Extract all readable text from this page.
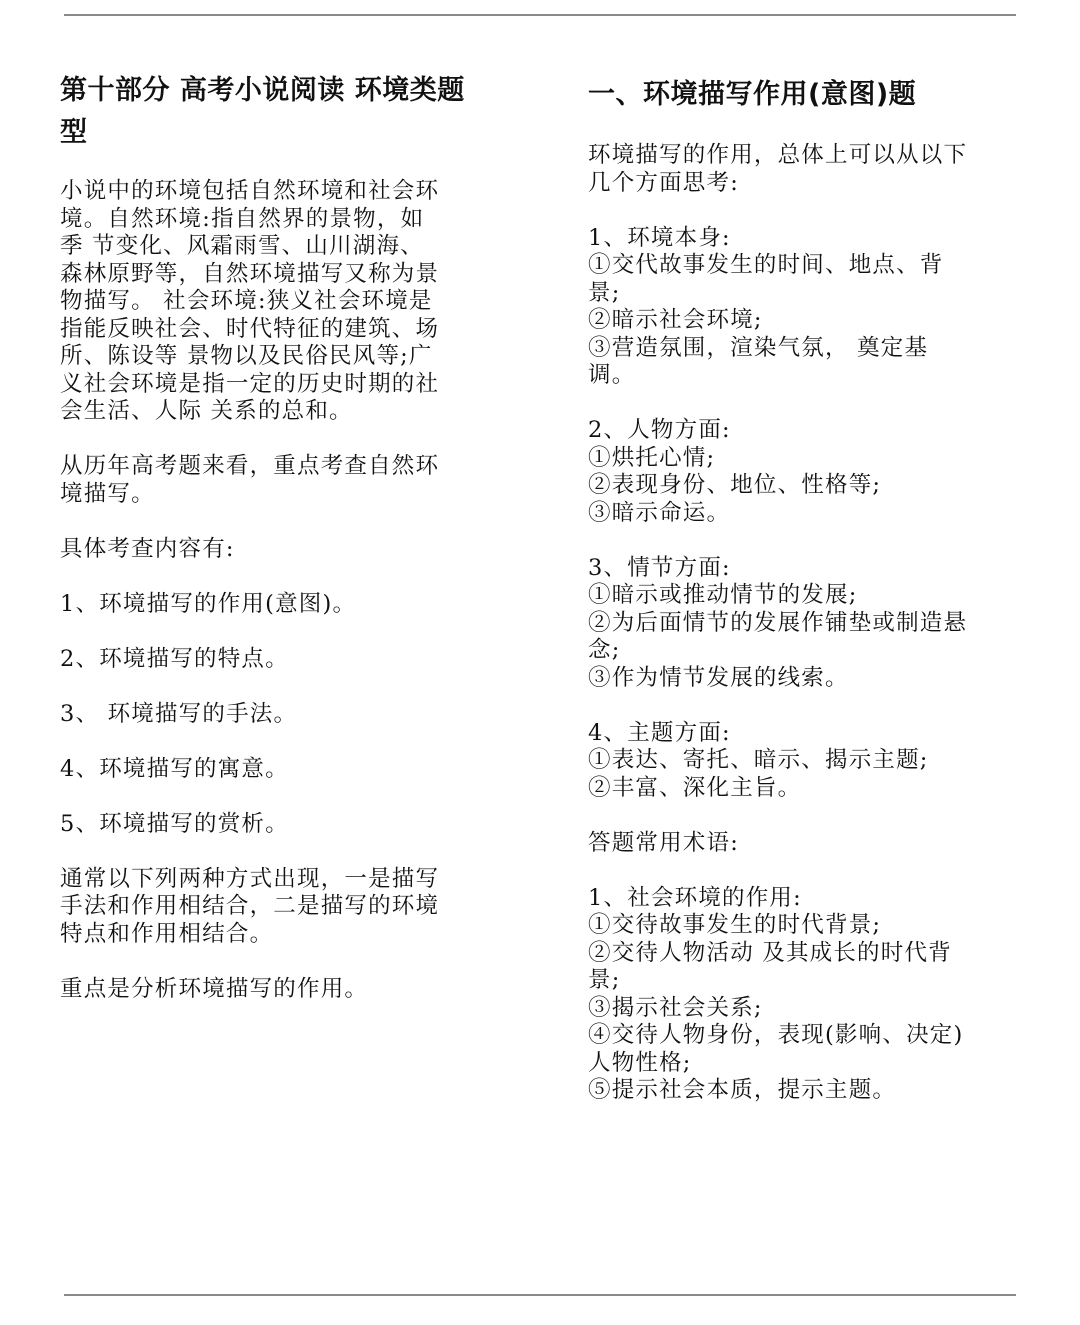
第十部分 高考小说阅读 环境类题
型

小说中的环境包括自然环境和社会环
境。自然环境:指自然界的景物，如
季 节变化、风霜雨雪、山川湖海、
森林原野等，自然环境描写又称为景
物描写。 社会环境:狭义社会环境是
指能反映社会、时代特征的建筑、场
所、陈设等 景物以及民俗民风等;广
义社会环境是指一定的历史时期的社
会生活、人际 关系的总和。

从历年高考题来看，重点考查自然环
境描写。

具体考查内容有:

1、环境描写的作用(意图)。

2、环境描写的特点。

3、 环境描写的手法。

4、环境描写的寓意。

5、环境描写的赏析。

通常以下列两种方式出现，一是描写
手法和作用相结合，二是描写的环境
特点和作用相结合。

重点是分析环境描写的作用。

一、环境描写作用(意图)题

环境描写的作用，总体上可以从以下
几个方面思考:

1、环境本身:
①交代故事发生的时间、地点、背
景;
②暗示社会环境;
③营造氛围，渲染气氛， 奠定基
调。
2、人物方面:
①烘托心情;
②表现身份、地位、性格等;
③暗示命运。
3、情节方面:
①暗示或推动情节的发展;
②为后面情节的发展作铺垫或制造悬
念;
③作为情节发展的线索。
4、主题方面:
①表达、寄托、暗示、揭示主题;
②丰富、深化主旨。
答题常用术语:
1、社会环境的作用:
①交待故事发生的时代背景;
②交待人物活动 及其成长的时代背
景;
③揭示社会关系;
④交待人物身份，表现(影响、决定)
人物性格;
⑤提示社会本质，提示主题。
